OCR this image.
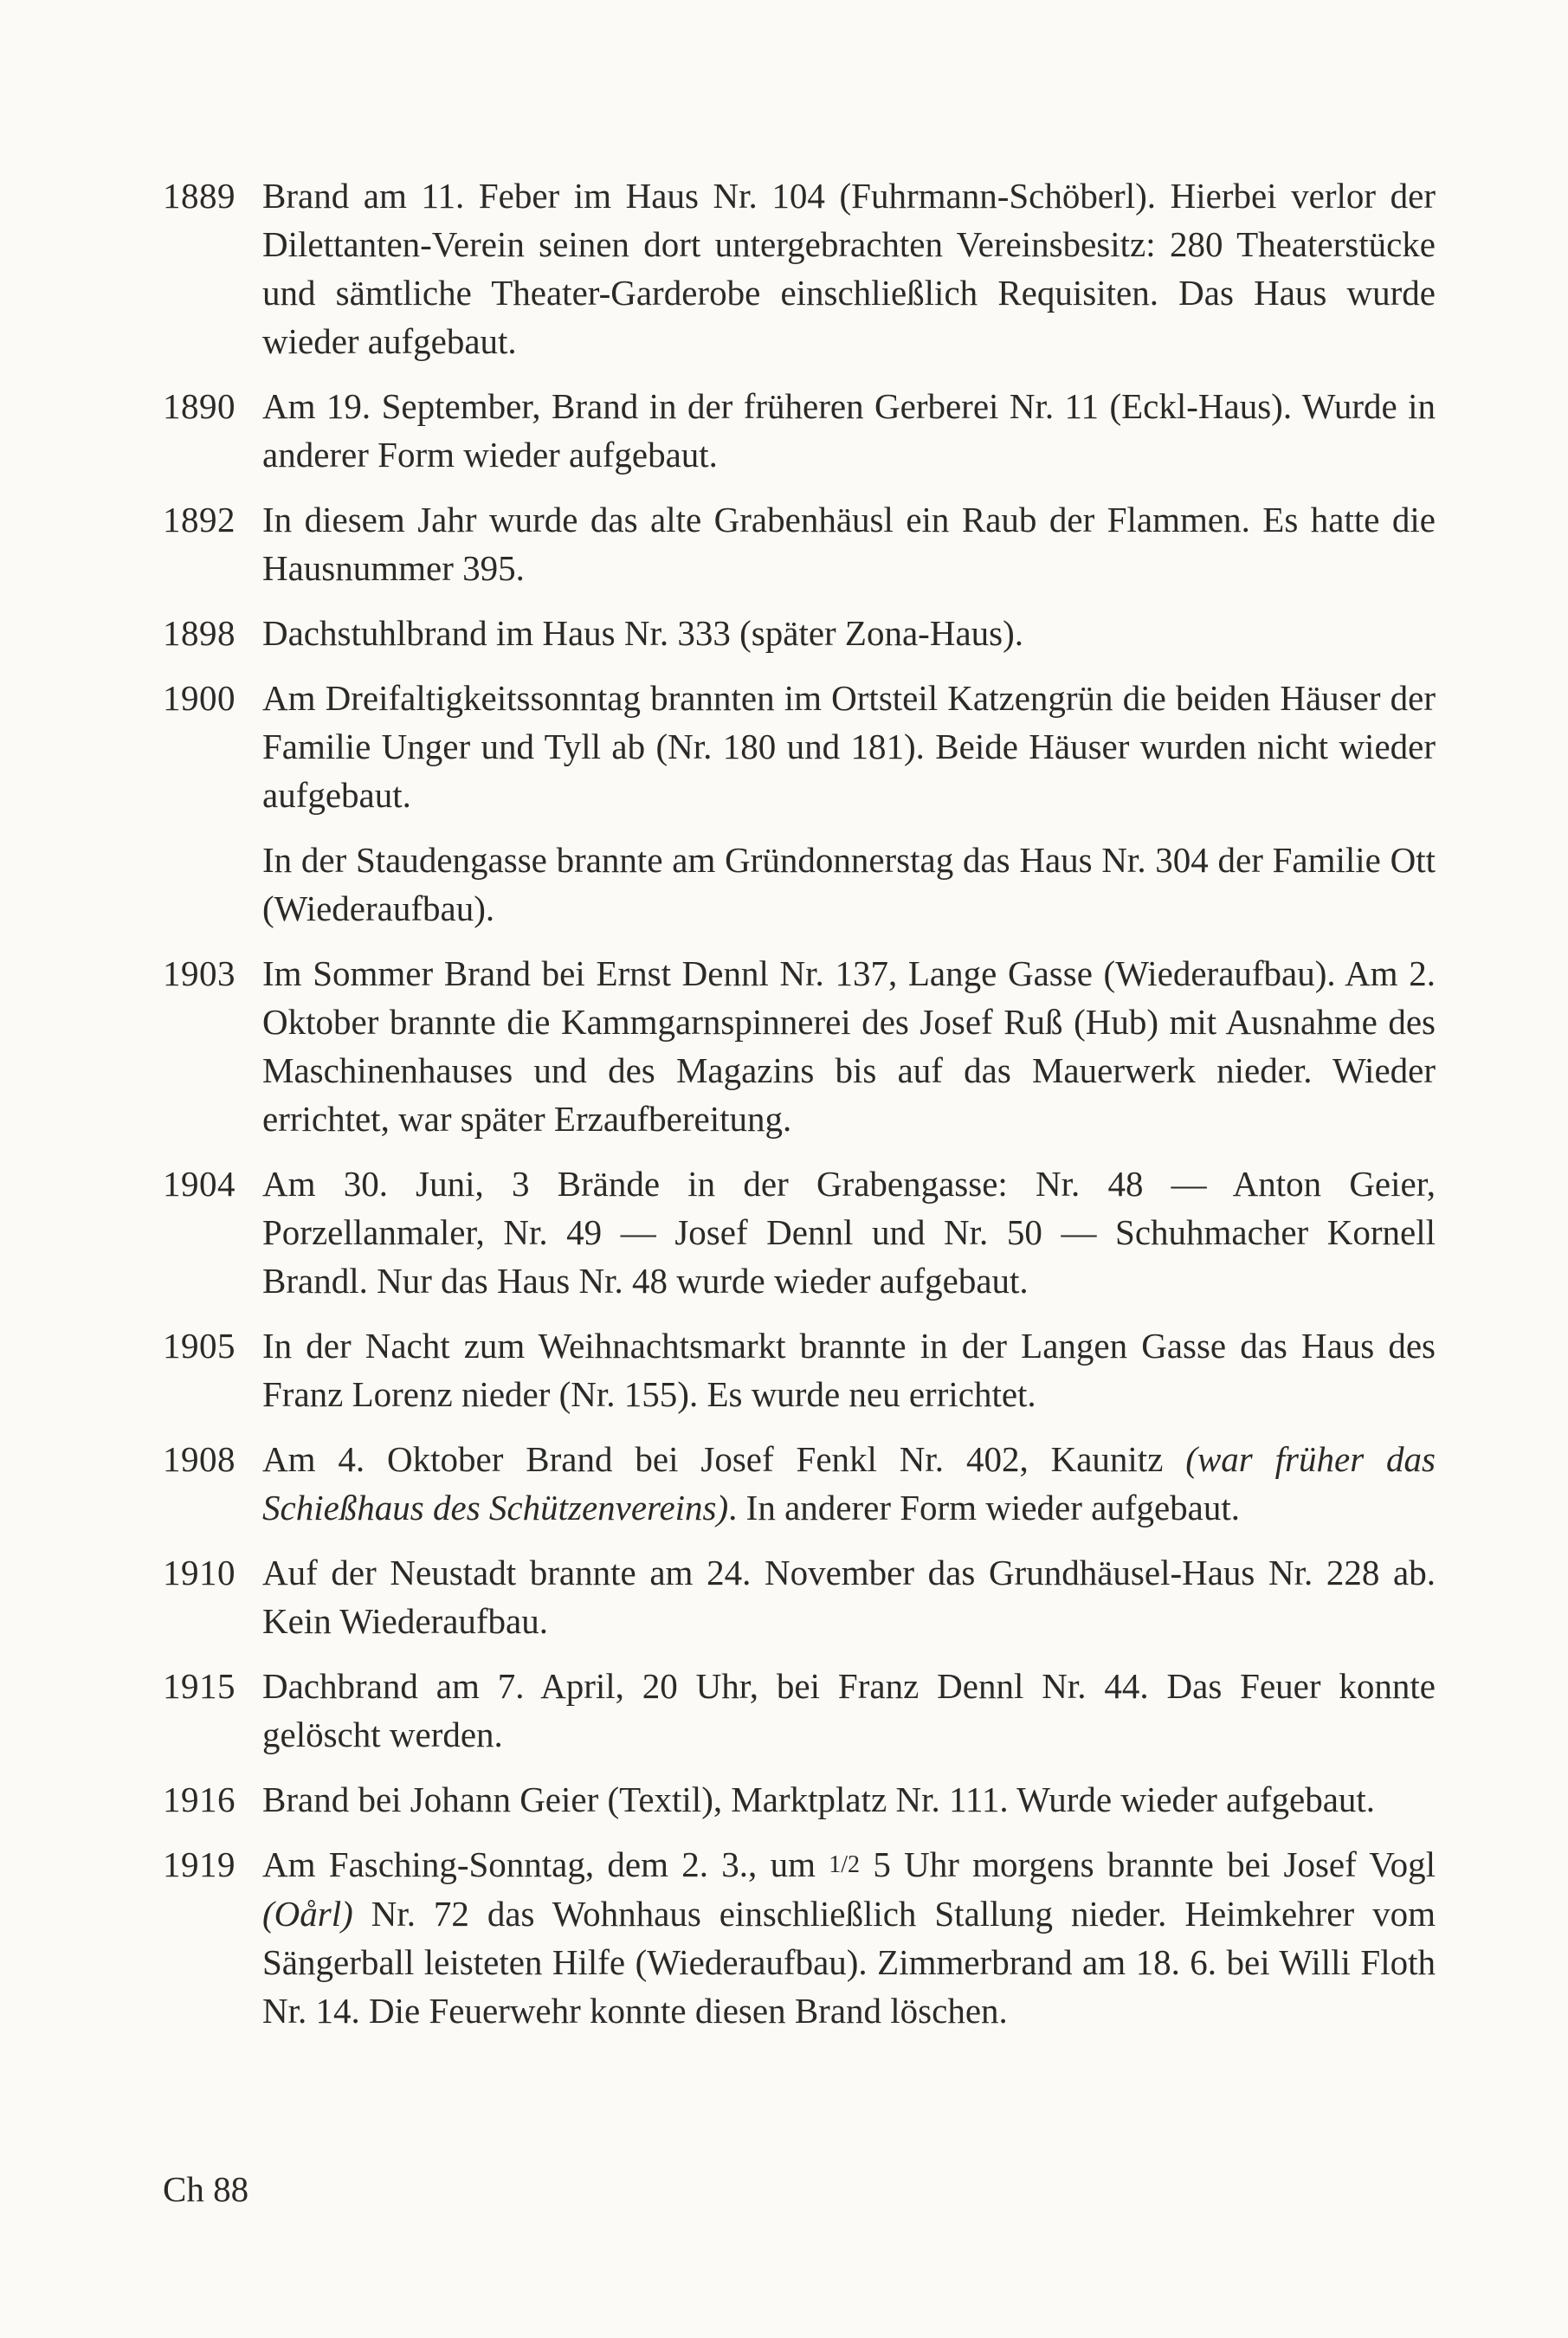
1889 Brand am 11. Feber im Haus Nr. 104 (Fuhrmann-Schöberl). Hierbei verlor der Dilettanten-Verein seinen dort untergebrachten Vereinsbesitz: 280 Theaterstücke und sämtliche Theater-Garderobe einschließlich Requisiten. Das Haus wurde wieder aufgebaut.

1890 Am 19. September, Brand in der früheren Gerberei Nr. 11 (Eckl-Haus). Wurde in anderer Form wieder aufgebaut.

1892 In diesem Jahr wurde das alte Grabenhäusl ein Raub der Flammen. Es hatte die Hausnummer 395.

1898 Dachstuhlbrand im Haus Nr. 333 (später Zona-Haus).

1900 Am Dreifaltigkeitssonntag brannten im Ortsteil Katzengrün die beiden Häuser der Familie Unger und Tyll ab (Nr. 180 und 181). Beide Häuser wurden nicht wieder aufgebaut.

In der Staudengasse brannte am Gründonnerstag das Haus Nr. 304 der Familie Ott (Wiederaufbau).

1903 Im Sommer Brand bei Ernst Dennl Nr. 137, Lange Gasse (Wiederaufbau). Am 2. Oktober brannte die Kammgarnspinnerei des Josef Ruß (Hub) mit Ausnahme des Maschinenhauses und des Magazins bis auf das Mauerwerk nieder. Wieder errichtet, war später Erzaufbereitung.

1904 Am 30. Juni, 3 Brände in der Grabengasse: Nr. 48 — Anton Geier, Porzellanmaler, Nr. 49 — Josef Dennl und Nr. 50 — Schuhmacher Kornell Brandl. Nur das Haus Nr. 48 wurde wieder aufgebaut.

1905 In der Nacht zum Weihnachtsmarkt brannte in der Langen Gasse das Haus des Franz Lorenz nieder (Nr. 155). Es wurde neu errichtet.

1908 Am 4. Oktober Brand bei Josef Fenkl Nr. 402, Kaunitz (war früher das Schießhaus des Schützenvereins). In anderer Form wieder aufgebaut.

1910 Auf der Neustadt brannte am 24. November das Grundhäusel-Haus Nr. 228 ab. Kein Wiederaufbau.

1915 Dachbrand am 7. April, 20 Uhr, bei Franz Dennl Nr. 44. Das Feuer konnte gelöscht werden.

1916 Brand bei Johann Geier (Textil), Marktplatz Nr. 111. Wurde wieder aufgebaut.

1919 Am Fasching-Sonntag, dem 2. 3., um 1/2 5 Uhr morgens brannte bei Josef Vogl (Oårl) Nr. 72 das Wohnhaus einschließlich Stallung nieder. Heimkehrer vom Sängerball leisteten Hilfe (Wiederaufbau). Zimmerbrand am 18. 6. bei Willi Floth Nr. 14. Die Feuerwehr konnte diesen Brand löschen.

Ch 88
